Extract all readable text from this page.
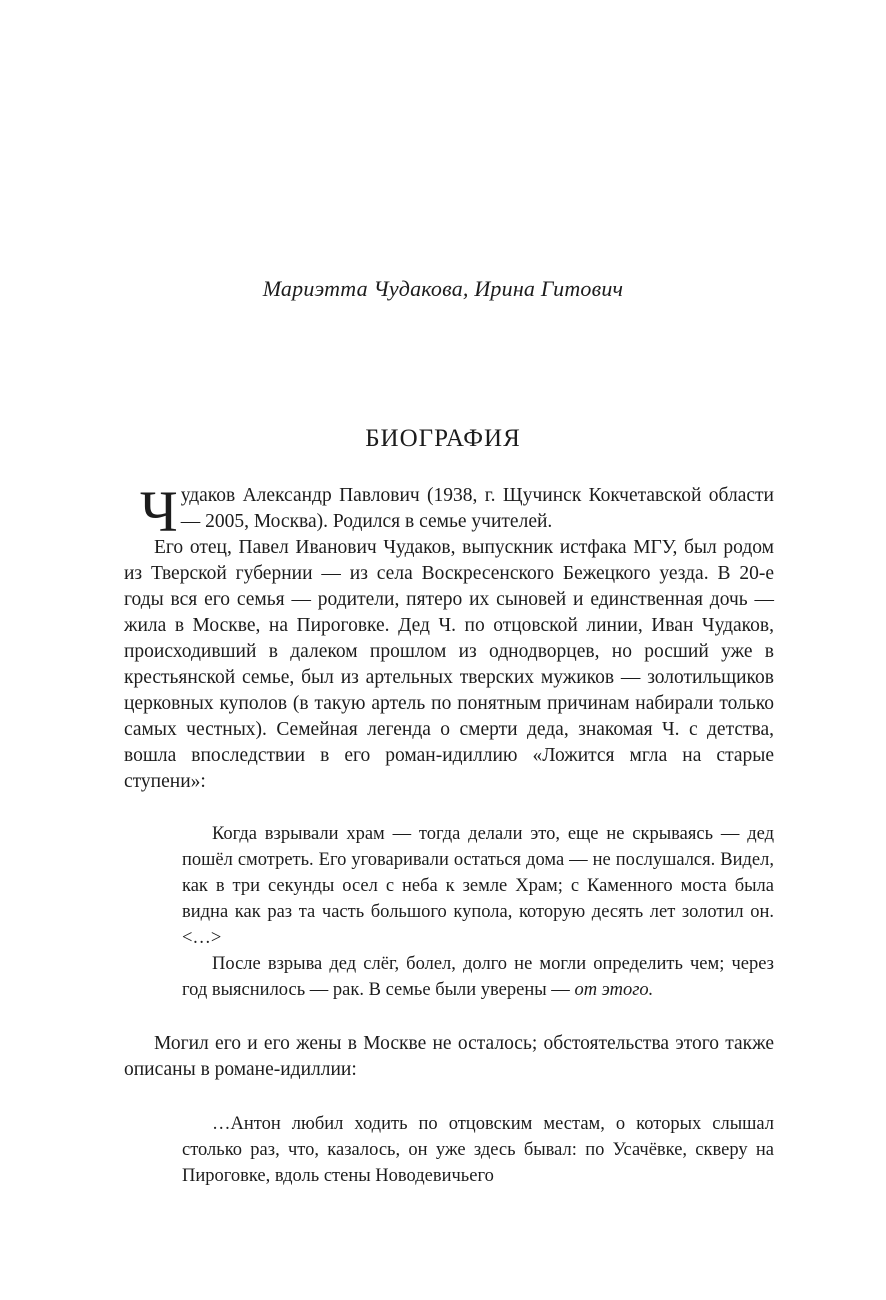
Мариэтта Чудакова, Ирина Гитович
БИОГРАФИЯ

Чудаков Александр Павлович (1938, г. Щучинск Кокчетавской области — 2005, Москва). Родился в семье учителей.

Его отец, Павел Иванович Чудаков, выпускник истфака МГУ, был родом из Тверской губернии — из села Воскресенского Бежецкого уезда. В 20-е годы вся его семья — родители, пятеро их сыновей и единственная дочь — жила в Москве, на Пироговке. Дед Ч. по отцовской линии, Иван Чудаков, происходивший в далеком прошлом из однодворцев, но росший уже в крестьянской семье, был из артельных тверских мужиков — золотильщиков церковных куполов (в такую артель по понятным причинам набирали только самых честных). Семейная легенда о смерти деда, знакомая Ч. с детства, вошла впоследствии в его роман-идиллию «Ложится мгла на старые ступени»:

Когда взрывали храм — тогда делали это, еще не скрываясь — дед пошёл смотреть. Его уговаривали остаться дома — не послушался. Видел, как в три секунды осел с неба к земле Храм; с Каменного моста была видна как раз та часть большого купола, которую десять лет золотил он. <…>

После взрыва дед слёг, болел, долго не могли определить чем; через год выяснилось — рак. В семье были уверены — от этого.

Могил его и его жены в Москве не осталось; обстоятельства этого также описаны в романе-идиллии:

…Антон любил ходить по отцовским местам, о которых слышал столько раз, что, казалось, он уже здесь бывал: по Усачёвке, скверу на Пироговке, вдоль стены Новодевичьего
